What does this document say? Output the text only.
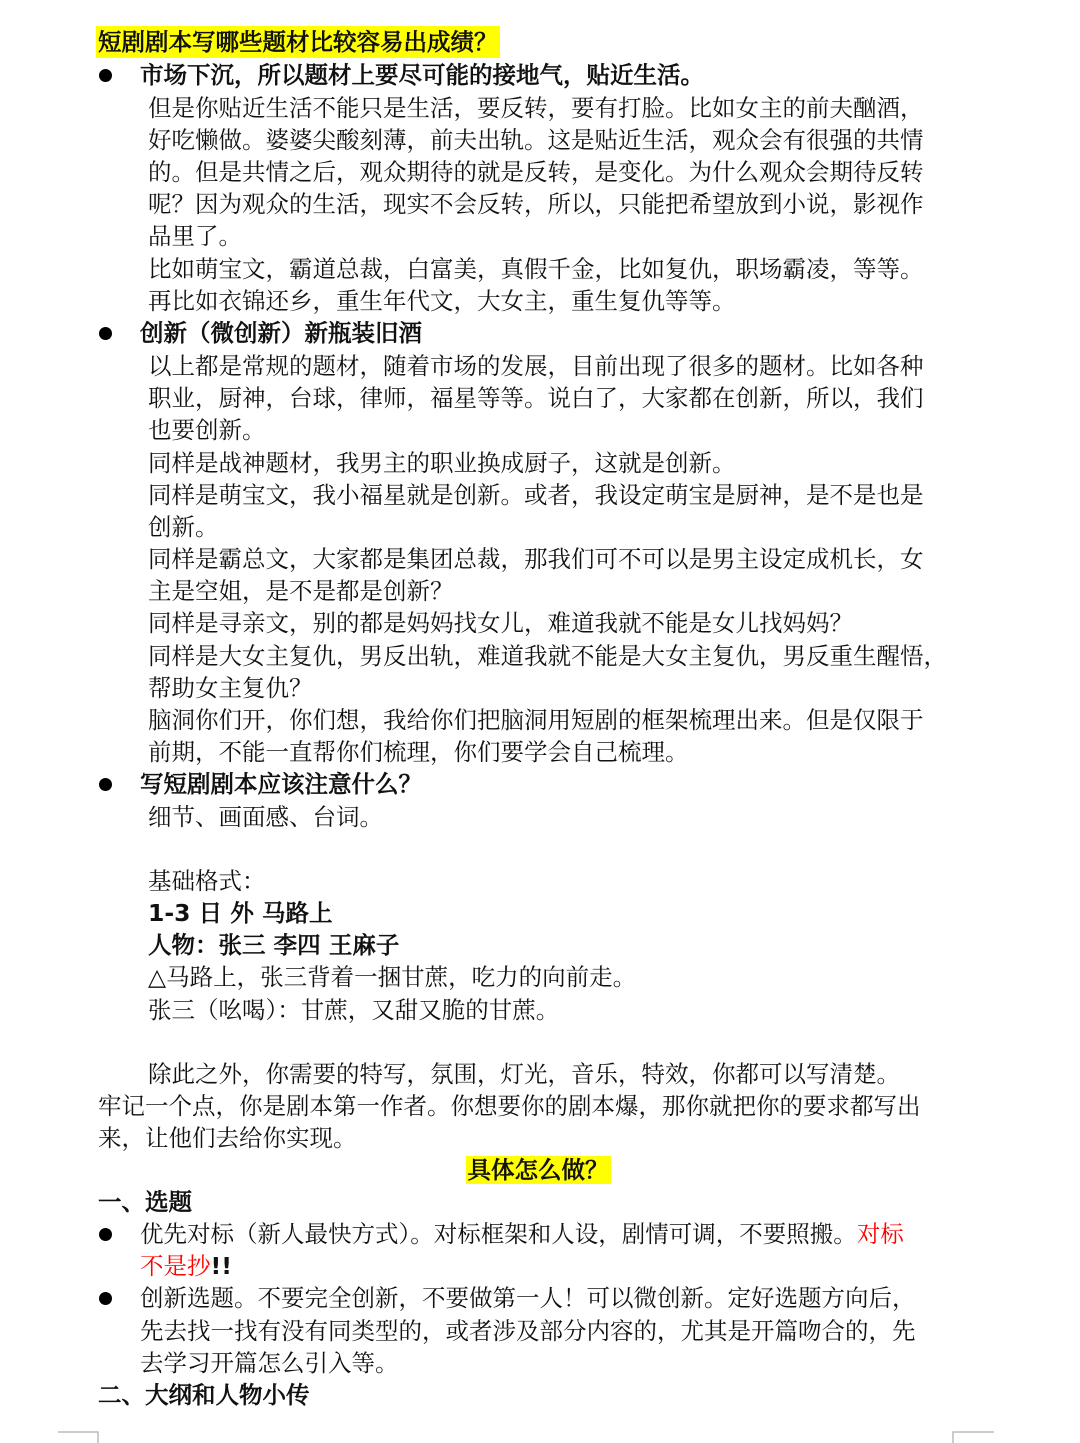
短剧剧本写哪些题材比较容易出成绩？
市场下沉，所以题材上要尽可能的接地气，贴近生活。
但是你贴近生活不能只是生活，要反转，要有打脸。比如女主的前夫酗酒，
好吃懒做。婆婆尖酸刻薄，前夫出轨。这是贴近生活，观众会有很强的共情
的。但是共情之后，观众期待的就是反转，是变化。为什么观众会期待反转
呢？因为观众的生活，现实不会反转，所以，只能把希望放到小说，影视作
品里了。
比如萌宝文，霸道总裁，白富美，真假千金，比如复仇，职场霸凌，等等。
再比如衣锦还乡，重生年代文，大女主，重生复仇等等。
创新（微创新）新瓶装旧酒
以上都是常规的题材，随着市场的发展，目前出现了很多的题材。比如各种
职业，厨神，台球，律师，福星等等。说白了，大家都在创新，所以，我们
也要创新。
同样是战神题材，我男主的职业换成厨子，这就是创新。
同样是萌宝文，我小福星就是创新。或者，我设定萌宝是厨神，是不是也是
创新。
同样是霸总文，大家都是集团总裁，那我们可不可以是男主设定成机长，女
主是空姐，是不是都是创新？
同样是寻亲文，别的都是妈妈找女儿，难道我就不能是女儿找妈妈？
同样是大女主复仇，男反出轨，难道我就不能是大女主复仇，男反重生醒悟，
帮助女主复仇？
脑洞你们开，你们想，我给你们把脑洞用短剧的框架梳理出来。但是仅限于
前期，不能一直帮你们梳理，你们要学会自己梳理。
写短剧剧本应该注意什么？
细节、画面感、台词。
基础格式：
1-3 日 外 马路上
人物：张三 李四 王麻子
△马路上，张三背着一捆甘蔗，吃力的向前走。
张三（吆喝）：甘蔗，又甜又脆的甘蔗。
除此之外，你需要的特写，氛围，灯光，音乐，特效，你都可以写清楚。
牢记一个点，你是剧本第一作者。你想要你的剧本爆，那你就把你的要求都写出
来，让他们去给你实现。
具体怎么做？
一、选题
优先对标（新人最快方式）。对标框架和人设，剧情可调，不要照搬。对标
不是抄!!
创新选题。不要完全创新，不要做第一人！可以微创新。定好选题方向后，
先去找一找有没有同类型的，或者涉及部分内容的，尤其是开篇吻合的，先
去学习开篇怎么引入等。
二、大纲和人物小传
